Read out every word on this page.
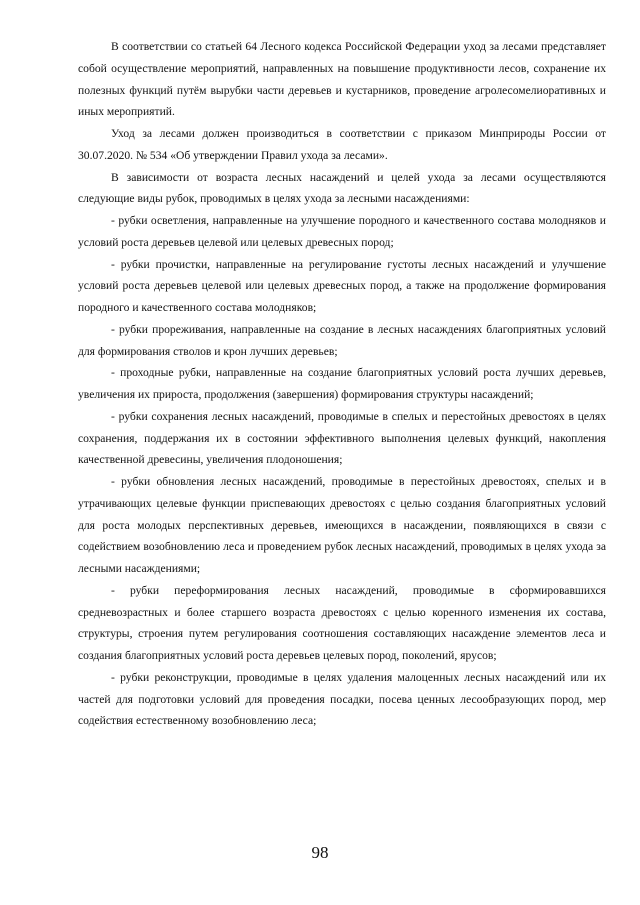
В соответствии со статьей 64 Лесного кодекса Российской Федерации уход за лесами представляет собой осуществление мероприятий, направленных на повышение продуктивности лесов, сохранение их полезных функций путём вырубки части деревьев и кустарников, проведение агролесомелиоративных и иных мероприятий.

Уход за лесами должен производиться в соответствии с приказом Минприроды России от 30.07.2020. № 534 «Об утверждении Правил ухода за лесами».

В зависимости от возраста лесных насаждений и целей ухода за лесами осуществляются следующие виды рубок, проводимых в целях ухода за лесными насаждениями:

- рубки осветления, направленные на улучшение породного и качественного состава молодняков и условий роста деревьев целевой или целевых древесных пород;

- рубки прочистки, направленные на регулирование густоты лесных насаждений и улучшение условий роста деревьев целевой или целевых древесных пород, а также на продолжение формирования породного и качественного состава молодняков;

- рубки прореживания, направленные на создание в лесных насаждениях благоприятных условий для формирования стволов и крон лучших деревьев;

- проходные рубки, направленные на создание благоприятных условий роста лучших деревьев, увеличения их прироста, продолжения (завершения) формирования структуры насаждений;

- рубки сохранения лесных насаждений, проводимые в спелых и перестойных древостоях в целях сохранения, поддержания их в состоянии эффективного выполнения целевых функций, накопления качественной древесины, увеличения плодоношения;

- рубки обновления лесных насаждений, проводимые в перестойных древостоях, спелых и в утрачивающих целевые функции приспевающих древостоях с целью создания благоприятных условий для роста молодых перспективных деревьев, имеющихся в насаждении, появляющихся в связи с содействием возобновлению леса и проведением рубок лесных насаждений, проводимых в целях ухода за лесными насаждениями;

- рубки переформирования лесных насаждений, проводимые в сформировавшихся средневозрастных и более старшего возраста древостоях с целью коренного изменения их состава, структуры, строения путем регулирования соотношения составляющих насаждение элементов леса и создания благоприятных условий роста деревьев целевых пород, поколений, ярусов;

- рубки реконструкции, проводимые в целях удаления малоценных лесных насаждений или их частей для подготовки условий для проведения посадки, посева ценных лесообразующих пород, мер содействия естественному возобновлению леса;

98
